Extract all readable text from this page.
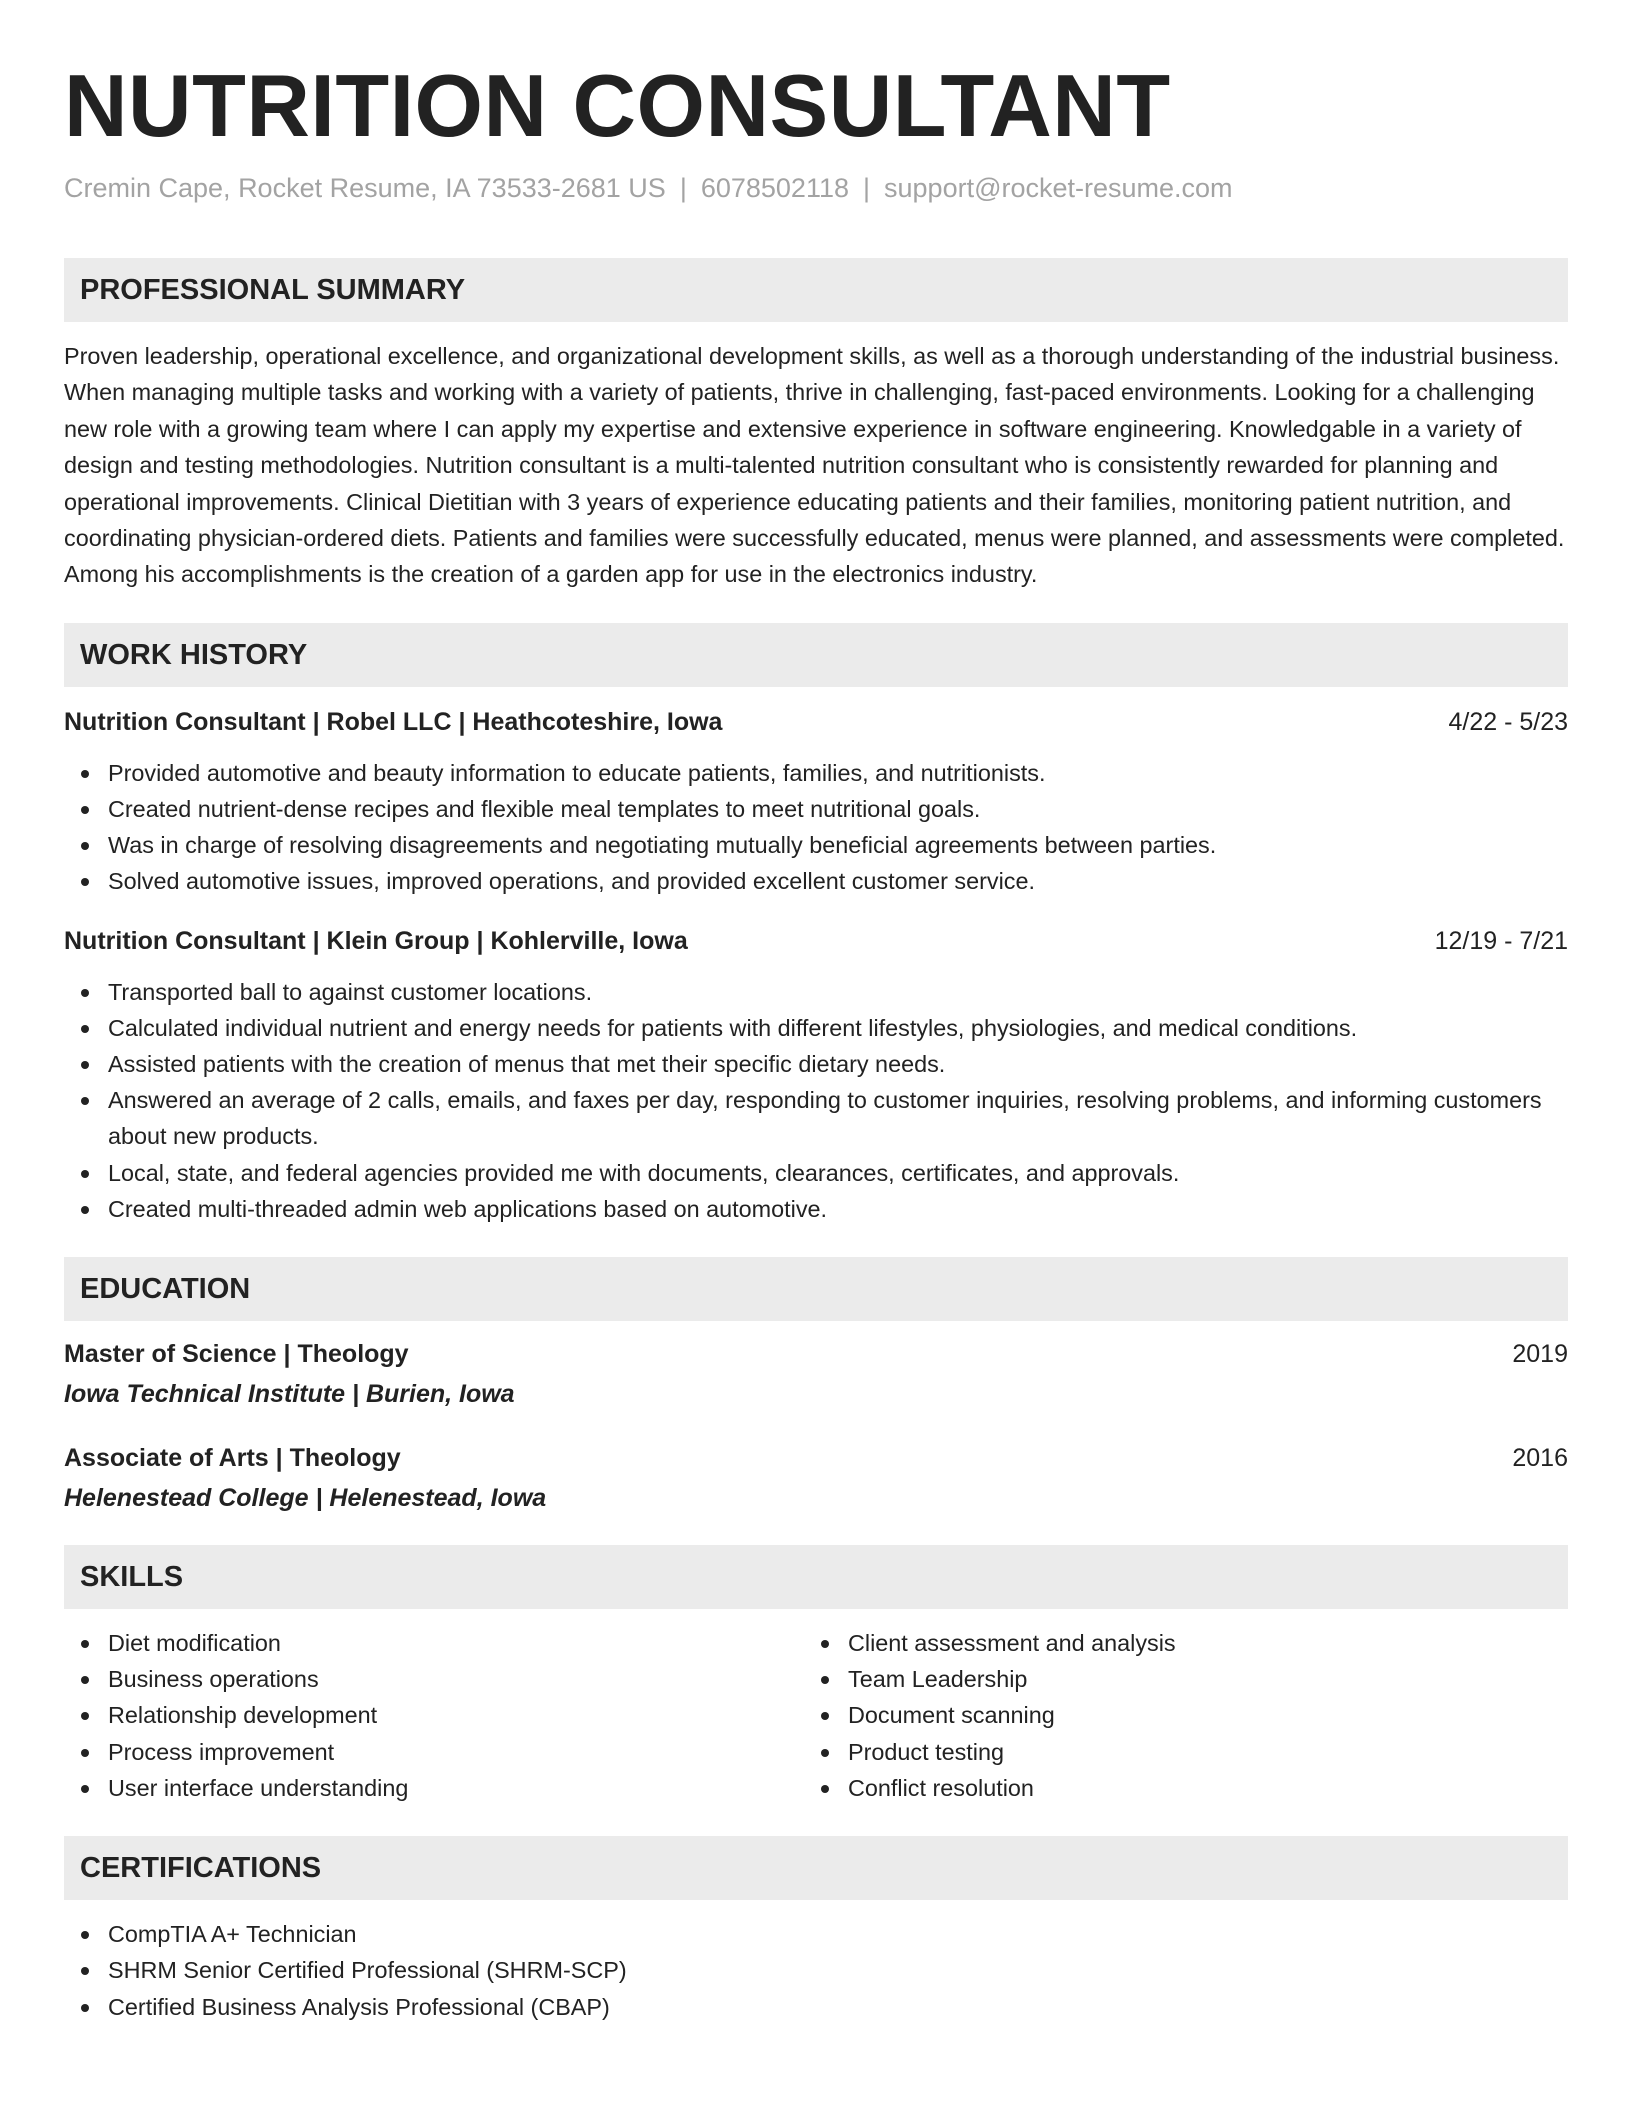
NUTRITION CONSULTANT
Cremin Cape, Rocket Resume, IA 73533-2681 US | 6078502118 | support@rocket-resume.com
PROFESSIONAL SUMMARY

Proven leadership, operational excellence, and organizational development skills, as well as a thorough understanding of the industrial business. When managing multiple tasks and working with a variety of patients, thrive in challenging, fast-paced environments. Looking for a challenging new role with a growing team where I can apply my expertise and extensive experience in software engineering. Knowledgable in a variety of design and testing methodologies. Nutrition consultant is a multi-talented nutrition consultant who is consistently rewarded for planning and operational improvements. Clinical Dietitian with 3 years of experience educating patients and their families, monitoring patient nutrition, and coordinating physician-ordered diets. Patients and families were successfully educated, menus were planned, and assessments were completed. Among his accomplishments is the creation of a garden app for use in the electronics industry.

WORK HISTORY
Nutrition Consultant | Robel LLC | Heathcoteshire, Iowa	4/22 - 5/23
Provided automotive and beauty information to educate patients, families, and nutritionists.
Created nutrient-dense recipes and flexible meal templates to meet nutritional goals.
Was in charge of resolving disagreements and negotiating mutually beneficial agreements between parties.
Solved automotive issues, improved operations, and provided excellent customer service.
Nutrition Consultant | Klein Group | Kohlerville, Iowa	12/19 - 7/21
Transported ball to against customer locations.
Calculated individual nutrient and energy needs for patients with different lifestyles, physiologies, and medical conditions.
Assisted patients with the creation of menus that met their specific dietary needs.
Answered an average of 2 calls, emails, and faxes per day, responding to customer inquiries, resolving problems, and informing customers about new products.
Local, state, and federal agencies provided me with documents, clearances, certificates, and approvals.
Created multi-threaded admin web applications based on automotive.
EDUCATION
Master of Science | Theology	2019
Iowa Technical Institute | Burien, Iowa
Associate of Arts | Theology	2016
Helenestead College | Helenestead, Iowa
SKILLS
Diet modification
Business operations
Relationship development
Process improvement
User interface understanding
Client assessment and analysis
Team Leadership
Document scanning
Product testing
Conflict resolution
CERTIFICATIONS
CompTIA A+ Technician
SHRM Senior Certified Professional (SHRM-SCP)
Certified Business Analysis Professional (CBAP)
